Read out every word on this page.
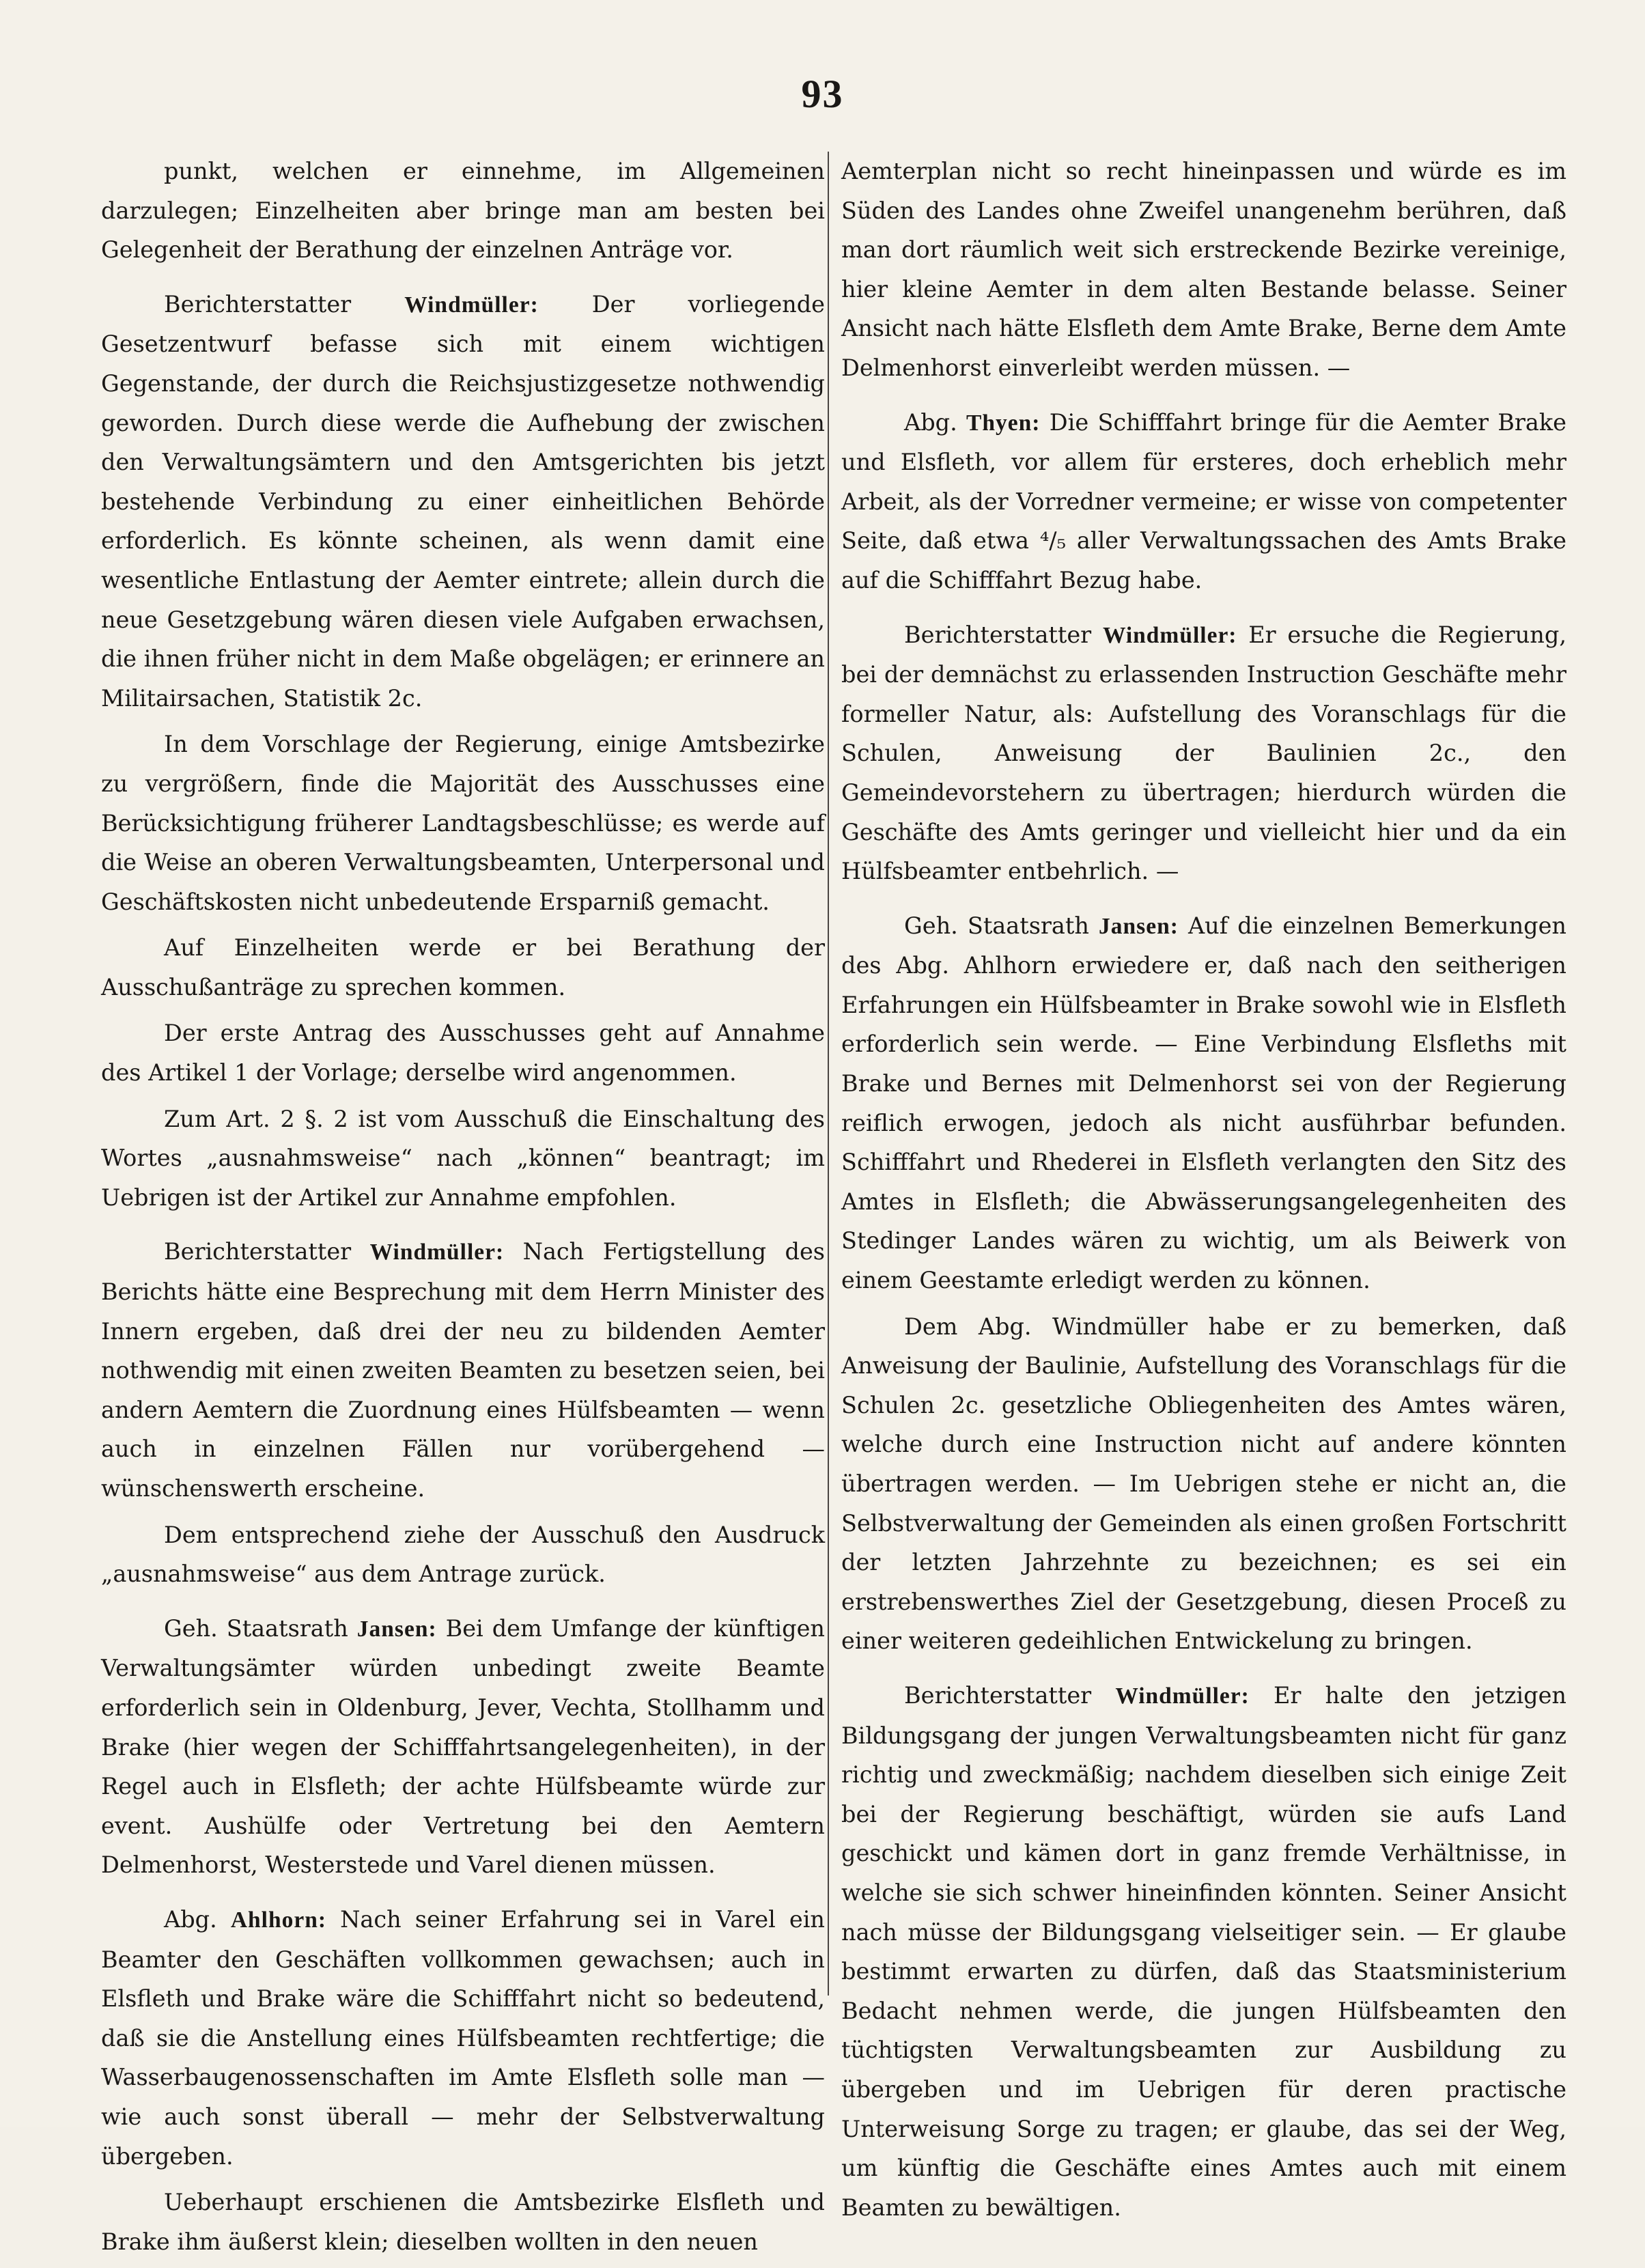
93

punkt, welchen er einnehme, im Allgemeinen darzulegen; Einzelheiten aber bringe man am besten bei Gelegenheit der Berathung der einzelnen Anträge vor.

Berichterstatter Windmüller: Der vorliegende Gesetzentwurf befasse sich mit einem wichtigen Gegenstande, der durch die Reichsjustizgesetze nothwendig geworden. Durch diese werde die Aufhebung der zwischen den Verwaltungsämtern und den Amtsgerichten bis jetzt bestehende Verbindung zu einer einheitlichen Behörde erforderlich. Es könnte scheinen, als wenn damit eine wesentliche Entlastung der Aemter eintrete; allein durch die neue Gesetzgebung wären diesen viele Aufgaben erwachsen, die ihnen früher nicht in dem Maße obgelägen; er erinnere an Militairsachen, Statistik 2c.

In dem Vorschlage der Regierung, einige Amtsbezirke zu vergrößern, finde die Majorität des Ausschusses eine Berücksichtigung früherer Landtagsbeschlüsse; es werde auf die Weise an oberen Verwaltungsbeamten, Unterpersonal und Geschäftskosten nicht unbedeutende Ersparniß gemacht.

Auf Einzelheiten werde er bei Berathung der Ausschußanträge zu sprechen kommen.

Der erste Antrag des Ausschusses geht auf Annahme des Artikel 1 der Vorlage; derselbe wird angenommen.

Zum Art. 2 §. 2 ist vom Ausschuß die Einschaltung des Wortes „ausnahmsweise“ nach „können“ beantragt; im Uebrigen ist der Artikel zur Annahme empfohlen.

Berichterstatter Windmüller: Nach Fertigstellung des Berichts hätte eine Besprechung mit dem Herrn Minister des Innern ergeben, daß drei der neu zu bildenden Aemter nothwendig mit einen zweiten Beamten zu besetzen seien, bei andern Aemtern die Zuordnung eines Hülfsbeamten — wenn auch in einzelnen Fällen nur vorübergehend — wünschenswerth erscheine.

Dem entsprechend ziehe der Ausschuß den Ausdruck „ausnahmsweise“ aus dem Antrage zurück.

Geh. Staatsrath Jansen: Bei dem Umfange der künftigen Verwaltungsämter würden unbedingt zweite Beamte erforderlich sein in Oldenburg, Jever, Vechta, Stollhamm und Brake (hier wegen der Schifffahrtsangelegenheiten), in der Regel auch in Elsfleth; der achte Hülfsbeamte würde zur event. Aushülfe oder Vertretung bei den Aemtern Delmenhorst, Westerstede und Varel dienen müssen.

Abg. Ahlhorn: Nach seiner Erfahrung sei in Varel ein Beamter den Geschäften vollkommen gewachsen; auch in Elsfleth und Brake wäre die Schifffahrt nicht so bedeutend, daß sie die Anstellung eines Hülfsbeamten rechtfertige; die Wasserbaugenossenschaften im Amte Elsfleth solle man — wie auch sonst überall — mehr der Selbstverwaltung übergeben.

Ueberhaupt erschienen die Amtsbezirke Elsfleth und Brake ihm äußerst klein; dieselben wollten in den neuen

Aemterplan nicht so recht hineinpassen und würde es im Süden des Landes ohne Zweifel unangenehm berühren, daß man dort räumlich weit sich erstreckende Bezirke vereinige, hier kleine Aemter in dem alten Bestande belasse. Seiner Ansicht nach hätte Elsfleth dem Amte Brake, Berne dem Amte Delmenhorst einverleibt werden müssen. —

Abg. Thyen: Die Schifffahrt bringe für die Aemter Brake und Elsfleth, vor allem für ersteres, doch erheblich mehr Arbeit, als der Vorredner vermeine; er wisse von competenter Seite, daß etwa ⁴/₅ aller Verwaltungssachen des Amts Brake auf die Schifffahrt Bezug habe.

Berichterstatter Windmüller: Er ersuche die Regierung, bei der demnächst zu erlassenden Instruction Geschäfte mehr formeller Natur, als: Aufstellung des Voranschlags für die Schulen, Anweisung der Baulinien 2c., den Gemeindevorstehern zu übertragen; hierdurch würden die Geschäfte des Amts geringer und vielleicht hier und da ein Hülfsbeamter entbehrlich. —

Geh. Staatsrath Jansen: Auf die einzelnen Bemerkungen des Abg. Ahlhorn erwiedere er, daß nach den seitherigen Erfahrungen ein Hülfsbeamter in Brake sowohl wie in Elsfleth erforderlich sein werde. — Eine Verbindung Elsfleths mit Brake und Bernes mit Delmenhorst sei von der Regierung reiflich erwogen, jedoch als nicht ausführbar befunden. Schifffahrt und Rhederei in Elsfleth verlangten den Sitz des Amtes in Elsfleth; die Abwässerungsangelegenheiten des Stedinger Landes wären zu wichtig, um als Beiwerk von einem Geestamte erledigt werden zu können.

Dem Abg. Windmüller habe er zu bemerken, daß Anweisung der Baulinie, Aufstellung des Voranschlags für die Schulen 2c. gesetzliche Obliegenheiten des Amtes wären, welche durch eine Instruction nicht auf andere könnten übertragen werden. — Im Uebrigen stehe er nicht an, die Selbstverwaltung der Gemeinden als einen großen Fortschritt der letzten Jahrzehnte zu bezeichnen; es sei ein erstrebenswerthes Ziel der Gesetzgebung, diesen Proceß zu einer weiteren gedeihlichen Entwickelung zu bringen.

Berichterstatter Windmüller: Er halte den jetzigen Bildungsgang der jungen Verwaltungsbeamten nicht für ganz richtig und zweckmäßig; nachdem dieselben sich einige Zeit bei der Regierung beschäftigt, würden sie aufs Land geschickt und kämen dort in ganz fremde Verhältnisse, in welche sie sich schwer hineinfinden könnten. Seiner Ansicht nach müsse der Bildungsgang vielseitiger sein. — Er glaube bestimmt erwarten zu dürfen, daß das Staatsministerium Bedacht nehmen werde, die jungen Hülfsbeamten den tüchtigsten Verwaltungsbeamten zur Ausbildung zu übergeben und im Uebrigen für deren practische Unterweisung Sorge zu tragen; er glaube, das sei der Weg, um künftig die Geschäfte eines Amtes auch mit einem Beamten zu bewältigen.
